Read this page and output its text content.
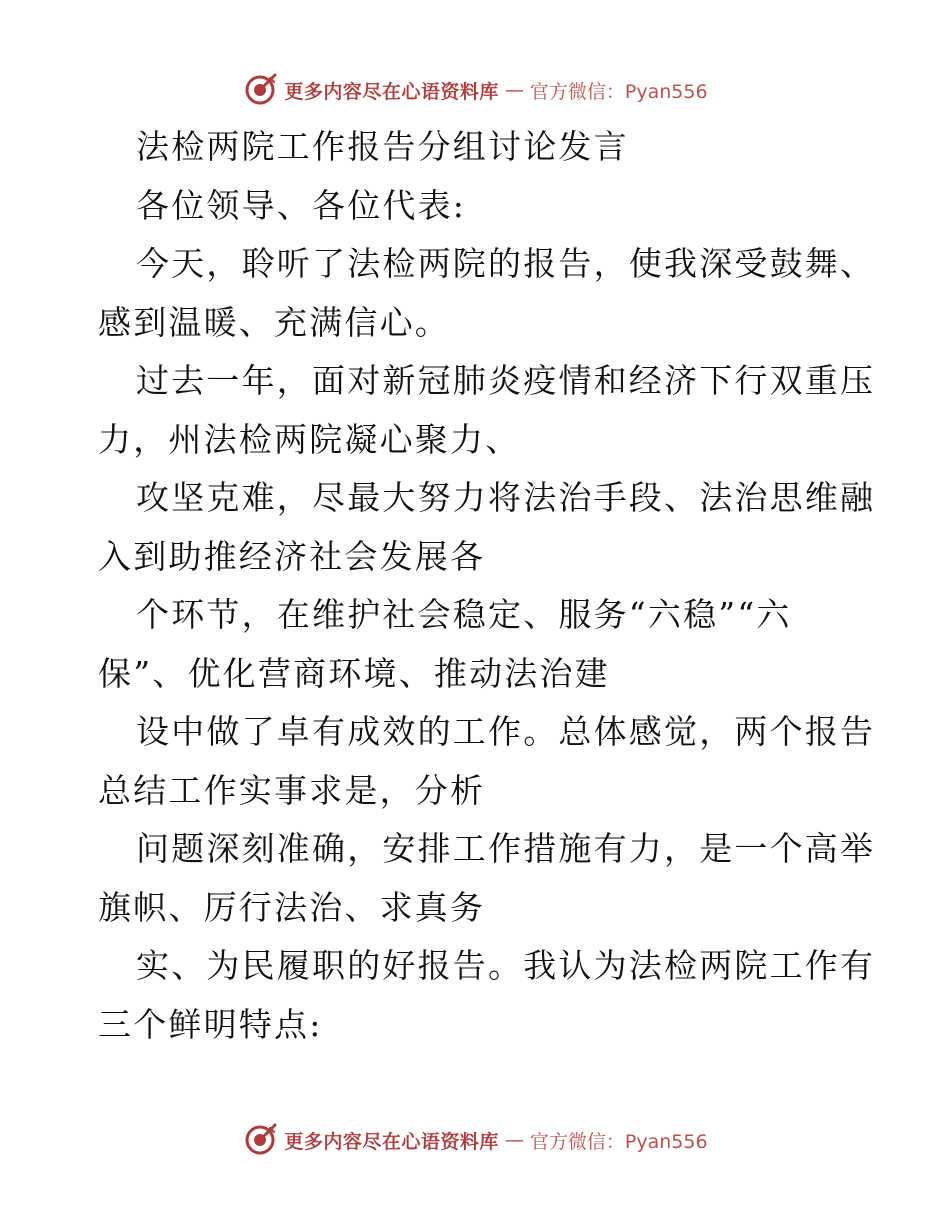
更多内容尽在心语资料库 — 官方微信：Pyan556
法检两院工作报告分组讨论发言
各位领导、各位代表:
今天，聆听了法检两院的报告，使我深受鼓舞、
感到温暖、充满信心。
过去一年，面对新冠肺炎疫情和经济下行双重压
力，州法检两院凝心聚力、
攻坚克难，尽最大努力将法治手段、法治思维融
入到助推经济社会发展各
个环节，在维护社会稳定、服务“六稳”“六
保”、优化营商环境、推动法治建
设中做了卓有成效的工作。总体感觉，两个报告
总结工作实事求是，分析
问题深刻准确，安排工作措施有力，是一个高举
旗帜、厉行法治、求真务
实、为民履职的好报告。我认为法检两院工作有
三个鲜明特点:
更多内容尽在心语资料库 — 官方微信：Pyan556
